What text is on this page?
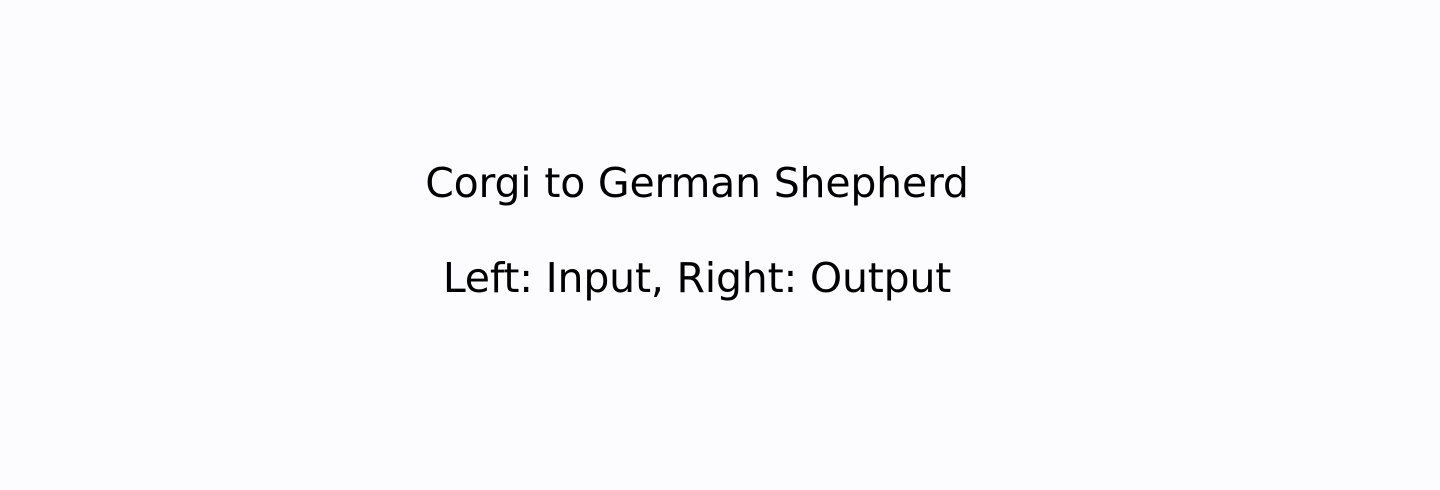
Corgi to German Shepherd
Left: Input, Right: Output
